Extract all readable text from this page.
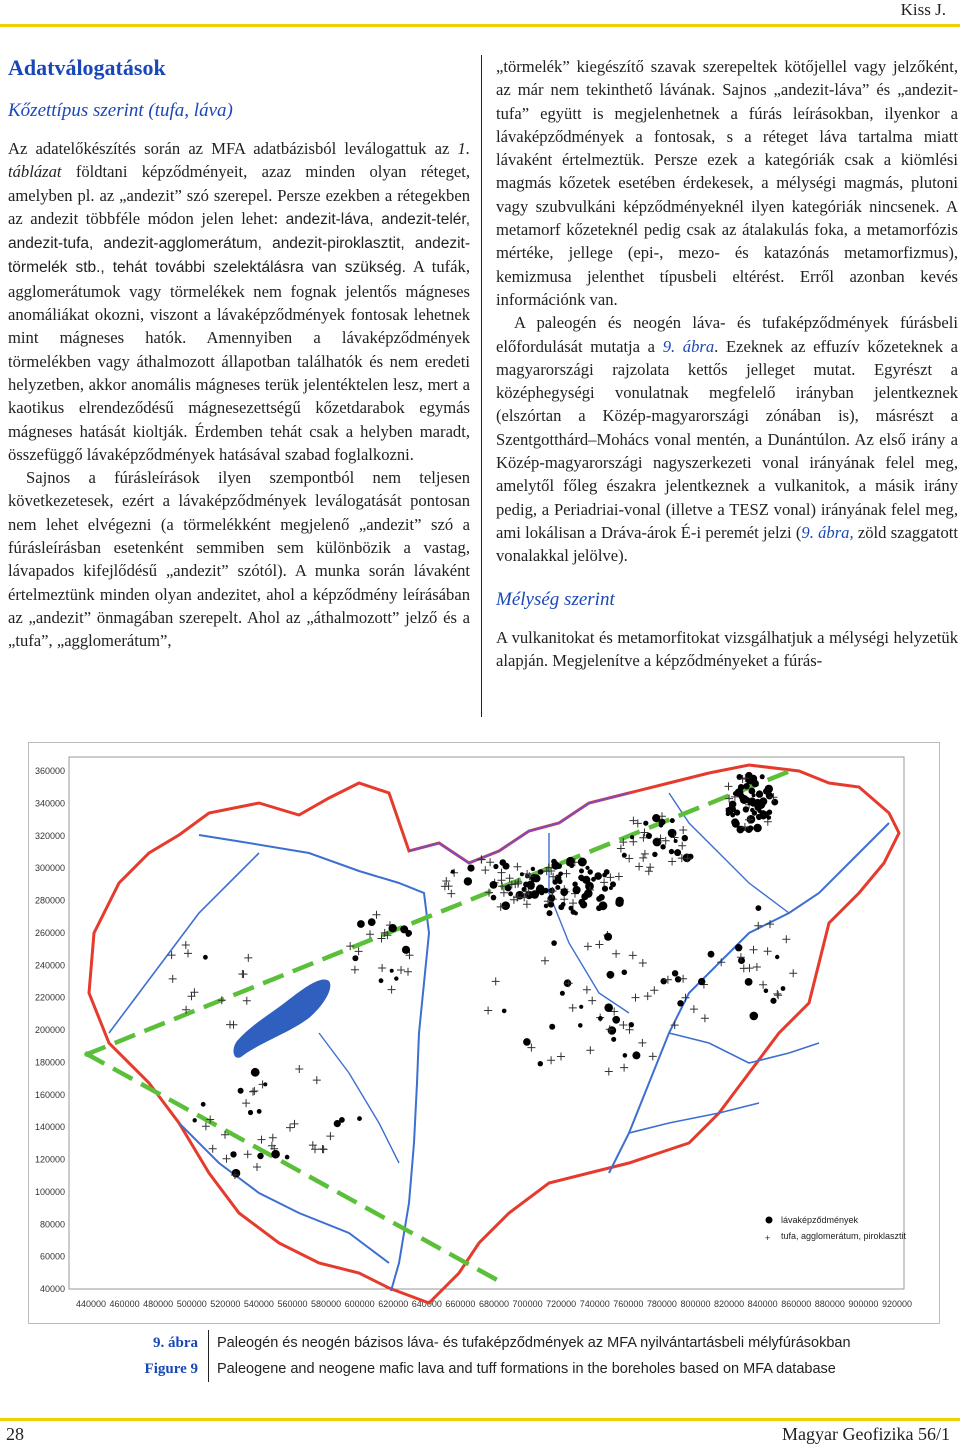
Kiss J.
Adatválogatások
Kőzettípus szerint (tufa, láva)

Az adatelőkészítés során az MFA adatbázisból leválogattuk az 1. táblázat földtani képződményeit, azaz minden olyan réteget, amelyben pl. az „andezit” szó szerepel. Persze ezekben a rétegekben az andezit többféle módon jelen lehet: andezit-láva, andezit-telér, andezit-tufa, andezit-agglomerátum, andezit-piroklasztit, andezit-törmelék stb., tehát további szelektálásra van szükség. A tufák, agglomerátumok vagy törmelékek nem fognak jelentős mágneses anomáliákat okozni, viszont a lávaképződmények fontosak lehetnek mint mágneses hatók. Amennyiben a lávaképződmények törmelékben vagy áthalmozott állapotban találhatók és nem eredeti helyzetben, akkor anomális mágneses terük jelentéktelen lesz, mert a kaotikus elrendeződésű mágnesezettségű kőzetdarabok egymás mágneses hatását kioltják. Érdemben tehát csak a helyben maradt, összefüggő lávaképződmények hatásával szabad foglalkozni.

Sajnos a fúrásleírások ilyen szempontból nem teljesen következetesek, ezért a lávaképződmények leválogatását pontosan nem lehet elvégezni (a törmelékként megjelenő „andezit” szó a fúrásleírásban esetenként semmiben sem különbözik a vastag, lávapados kifejlődésű „andezit” szótól). A munka során lávaként értelmeztünk minden olyan andezitet, ahol a képződmény leírásában az „andezit” önmagában szerepelt. Ahol az „áthalmozott” jelző és a „tufa”, „agglomerátum”,

„törmelék” kiegészítő szavak szerepeltek kötőjellel vagy jelzőként, az már nem tekinthető lávának. Sajnos „andezit-láva” és „andezit-tufa” együtt is megjelenhetnek a fúrás leírásokban, ilyenkor a lávaképződmények a fontosak, s a réteget láva tartalma miatt lávaként értelmeztük. Persze ezek a kategóriák csak a kiömlési magmás kőzetek esetében érdekesek, a mélységi magmás, plutoni vagy szubvulkáni képződményeknél ilyen kategóriák nincsenek. A metamorf kőzeteknél pedig csak az átalakulás foka, a metamorfózis mértéke, jellege (epi-, mezo- és katazónás metamorfizmus), kemizmusa jelenthet típusbeli eltérést. Erről azonban kevés információnk van.

A paleogén és neogén láva- és tufaképződmények fúrásbeli előfordulását mutatja a 9. ábra. Ezeknek az effuzív kőzeteknek a magyarországi rajzolata kettős jelleget mutat. Egyrészt a középhegységi vonulatnak megfelelő irányban jelentkeznek (elszórtan a Közép-magyarországi zónában is), másrészt a Szentgotthárd–Mohács vonal mentén, a Dunántúlon. Az első irány a Közép-magyarországi nagyszerkezeti vonal irányának felel meg, amelytől főleg északra jelentkeznek a vulkanitok, a másik irány pedig, a Periadriai-vonal (illetve a TESZ vonal) irányának felel meg, ami lokálisan a Dráva-árok É-i peremét jelzi (9. ábra, zöld szaggatott vonalakkal jelölve).

Mélység szerint

A vulkanitokat és metamorfitokat vizsgálhatjuk a mélységi helyzetük alapján. Megjelenítve a képződményeket a fúrás-

360000
340000
320000
300000
280000
260000
240000
220000
200000
180000
160000
140000
120000
100000
80000
60000
40000
440000 460000 480000 500000 520000 540000 560000 580000 600000 620000 640000 660000 680000 700000 720000 740000 760000 780000 800000 820000 840000 860000 880000 900000 920000
lávaképződmények
+ tufa, agglomerátum, piroklasztit
9. ábra	Paleogén és neogén bázisos láva- és tufaképződmények az MFA nyilvántartásbeli mélyfúrásokban
Figure 9	Paleogene and neogene mafic lava and tuff formations in the boreholes based on MFA database
28	Magyar Geofizika 56/1
